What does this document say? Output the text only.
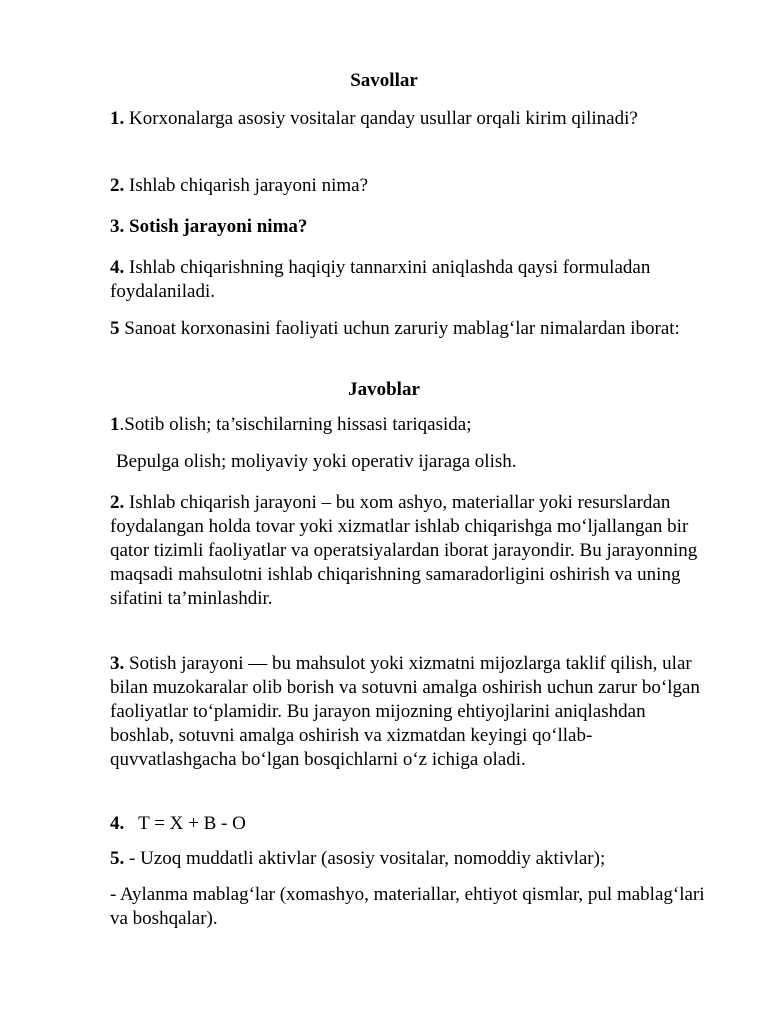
Savollar
1. Korxonalarga asosiy vositalar qanday usullar orqali kirim qilinadi?
2. Ishlab chiqarish jarayoni nima?
3. Sotish jarayoni nima?
4. Ishlab chiqarishning haqiqiy tannarxini aniqlashda qaysi formuladan foydalaniladi.
5 Sanoat korxonasini faoliyati uchun zaruriy mablag‘lar nimalardan iborat:
Javoblar
1.Sotib olish; ta’sischilarning hissasi tariqasida;
Bepulga olish; moliyaviy yoki operativ ijaraga olish.
2. Ishlab chiqarish jarayoni – bu xom ashyo, materiallar yoki resurslardan foydalangan holda tovar yoki xizmatlar ishlab chiqarishga mo‘ljallangan bir qator tizimli faoliyatlar va operatsiyalardan iborat jarayondir. Bu jarayonning maqsadi mahsulotni ishlab chiqarishning samaradorligini oshirish va uning sifatini ta’minlashdir.
3. Sotish jarayoni — bu mahsulot yoki xizmatni mijozlarga taklif qilish, ular bilan muzokaralar olib borish va sotuvni amalga oshirish uchun zarur bo‘lgan faoliyatlar to‘plamidir. Bu jarayon mijozning ehtiyojlarini aniqlashdan boshlab, sotuvni amalga oshirish va xizmatdan keyingi qo‘llab-quvvatlashgacha bo‘lgan bosqichlarni o‘z ichiga oladi.
4.   T = X + B - O
5. - Uzoq muddatli aktivlar (asosiy vositalar, nomoddiy aktivlar);
- Aylanma mablag‘lar (xomashyo, materiallar, ehtiyot qismlar, pul mablag‘lari va boshqalar).
